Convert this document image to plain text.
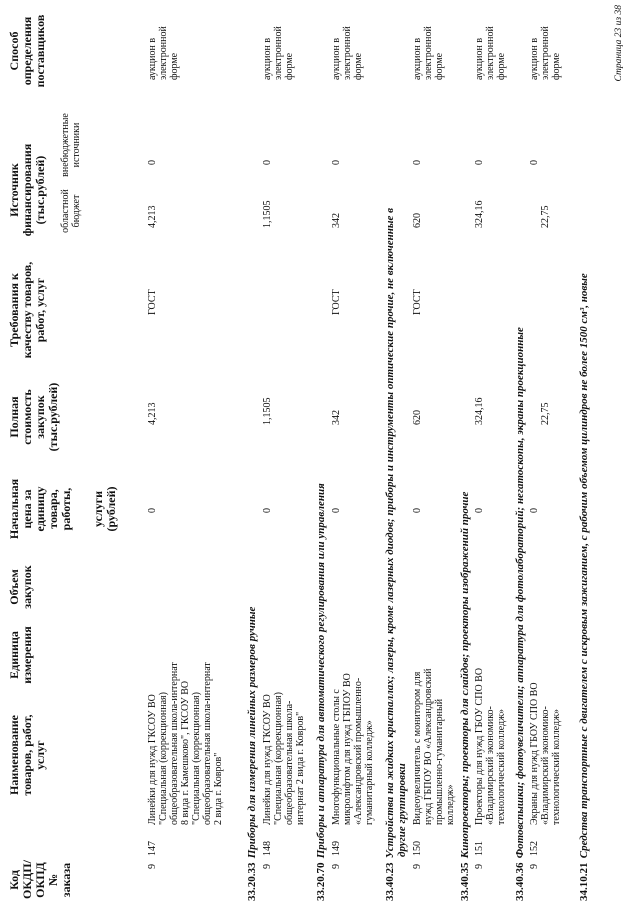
Код ОКДП/ ОКПД № заказа
Наименование товаров, работ, услуг
Единица измерения
Объем закупок
Начальная цена за единицу товара, работы, услуги (рублей)
Полная стоимость закупок (тыс.рублей)
Требования к качеству товаров, работ, услуг
Источник финансирования (тыс.рублей) областной бюджет
внебюджетные источники
Способ определения поставщиков
9
147
Линейки для нужд ГКСОУ ВО "Специальная (коррекционная) общеобразовательная школа-интернат 8 вида г. Камешково", ГКСОУ ВО "Специальная (коррекционная) общеобразовательная школа-интернат 2 вида г. Ковров"
0
4,213
ГОСТ
4,213
0
аукцион в электронной форме
33.20.33 Приборы для измерения линейных размеров ручные
9
148
Линейки для нужд ГКСОУ ВО "Специальная (коррекционная) общеобразовательная школа-интернат 2 вида г. Ковров"
0
1,1505
1,1505
0
аукцион в электронной форме
33.20.70 Приборы и аппаратура для автоматического регулирования или управления
9
149
Многофункциональные столы с микролифтом для нужд ГБПОУ ВО «Александровский промышленно-гуманитарный колледж»
0
342
ГОСТ
342
0
аукцион в электронной форме
33.40.23 Устройства на жидких кристаллах; лазеры, кроме лазерных диодов; приборы и инструменты оптические прочие, не включенные в другие группировки
9
150
Видеоувеличитель с монитором для нужд ГБПОУ ВО «Александровский промышленно-гуманитарный колледж»
0
620
ГОСТ
620
0
аукцион в электронной форме
33.40.35 Кинопроекторы; проекторы для слайдов; проекторы изображений прочие
9
151
Проекторы для нужд ГБОУ СПО ВО «Владимирский экономико-технологический колледж»
0
324,16
324,16
0
аукцион в электронной форме
33.40.36 Фотовспышки; фотоувеличители; аппаратура для фотолабораторий; негатоскопы, экраны проекционные
9
152
Экраны для нужд ГБОУ СПО ВО «Владимирский экономико-технологический колледж»
0
22,75
22,75
0
аукцион в электронной форме
34.10.21 Средства транспортные с двигателем с искровым зажиганием, с рабочим объемом цилиндров не более 1500 см³, новые
Страница 23 из 38
